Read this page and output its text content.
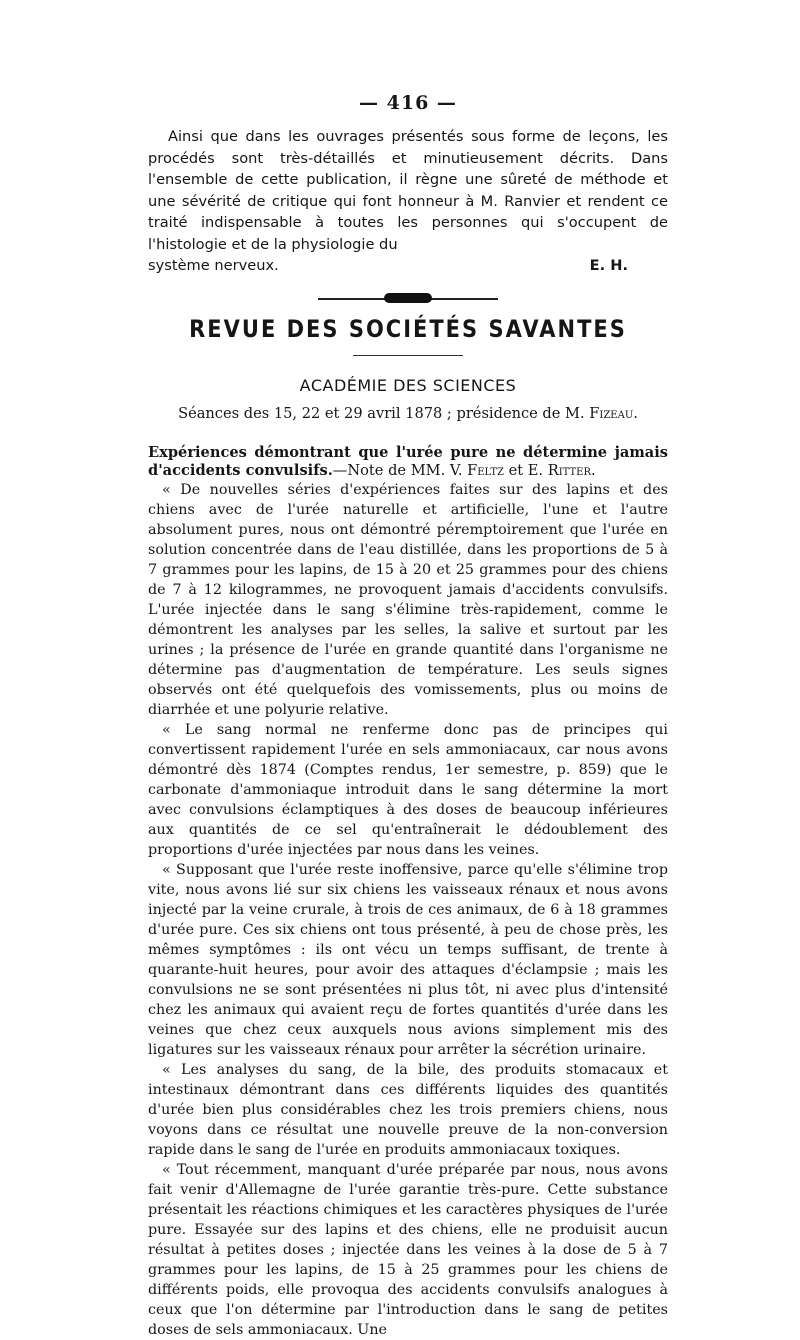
— 416 —

Ainsi que dans les ouvrages présentés sous forme de leçons, les procédés sont très-détaillés et minutieusement décrits. Dans l'ensemble de cette publication, il règne une sûreté de méthode et une sévérité de critique qui font honneur à M. Ranvier et rendent ce traité indispensable à toutes les personnes qui s'occupent de l'histologie et de la physiologie du

système nerveux.	E. H.
REVUE DES SOCIÉTÉS SAVANTES
ACADÉMIE DES SCIENCES
Séances des 15, 22 et 29 avril 1878 ; présidence de M. Fizeau.

Expériences démontrant que l'urée pure ne détermine jamais d'accidents convulsifs.—Note de MM. V. Feltz et E. Ritter.

« De nouvelles séries d'expériences faites sur des lapins et des chiens avec de l'urée naturelle et artificielle, l'une et l'autre absolument pures, nous ont démontré péremptoirement que l'urée en solution concentrée dans de l'eau distillée, dans les proportions de 5 à 7 grammes pour les lapins, de 15 à 20 et 25 grammes pour des chiens de 7 à 12 kilogrammes, ne provoquent jamais d'accidents convulsifs. L'urée injectée dans le sang s'élimine très-rapidement, comme le démontrent les analyses par les selles, la salive et surtout par les urines ; la présence de l'urée en grande quantité dans l'organisme ne détermine pas d'augmentation de température. Les seuls signes observés ont été quelquefois des vomissements, plus ou moins de diarrhée et une polyurie relative.

« Le sang normal ne renferme donc pas de principes qui convertissent rapidement l'urée en sels ammoniacaux, car nous avons démontré dès 1874 (Comptes rendus, 1er semestre, p. 859) que le carbonate d'ammoniaque introduit dans le sang détermine la mort avec convulsions éclamptiques à des doses de beaucoup inférieures aux quantités de ce sel qu'entraînerait le dédoublement des proportions d'urée injectées par nous dans les veines.

« Supposant que l'urée reste inoffensive, parce qu'elle s'élimine trop vite, nous avons lié sur six chiens les vaisseaux rénaux et nous avons injecté par la veine crurale, à trois de ces animaux, de 6 à 18 grammes d'urée pure. Ces six chiens ont tous présenté, à peu de chose près, les mêmes symptômes : ils ont vécu un temps suffisant, de trente à quarante-huit heures, pour avoir des attaques d'éclampsie ; mais les convulsions ne se sont présentées ni plus tôt, ni avec plus d'intensité chez les animaux qui avaient reçu de fortes quantités d'urée dans les veines que chez ceux auxquels nous avions simplement mis des ligatures sur les vaisseaux rénaux pour arrêter la sécrétion urinaire.

« Les analyses du sang, de la bile, des produits stomacaux et intestinaux démontrant dans ces différents liquides des quantités d'urée bien plus considérables chez les trois premiers chiens, nous voyons dans ce résultat une nouvelle preuve de la non-conversion rapide dans le sang de l'urée en produits ammoniacaux toxiques.

« Tout récemment, manquant d'urée préparée par nous, nous avons fait venir d'Allemagne de l'urée garantie très-pure. Cette substance présentait les réactions chimiques et les caractères physiques de l'urée pure. Essayée sur des lapins et des chiens, elle ne produisit aucun résultat à petites doses ; injectée dans les veines à la dose de 5 à 7 grammes pour les lapins, de 15 à 25 grammes pour les chiens de différents poids, elle provoqua des accidents convulsifs analogues à ceux que l'on détermine par l'introduction dans le sang de petites doses de sels ammoniacaux. Une
